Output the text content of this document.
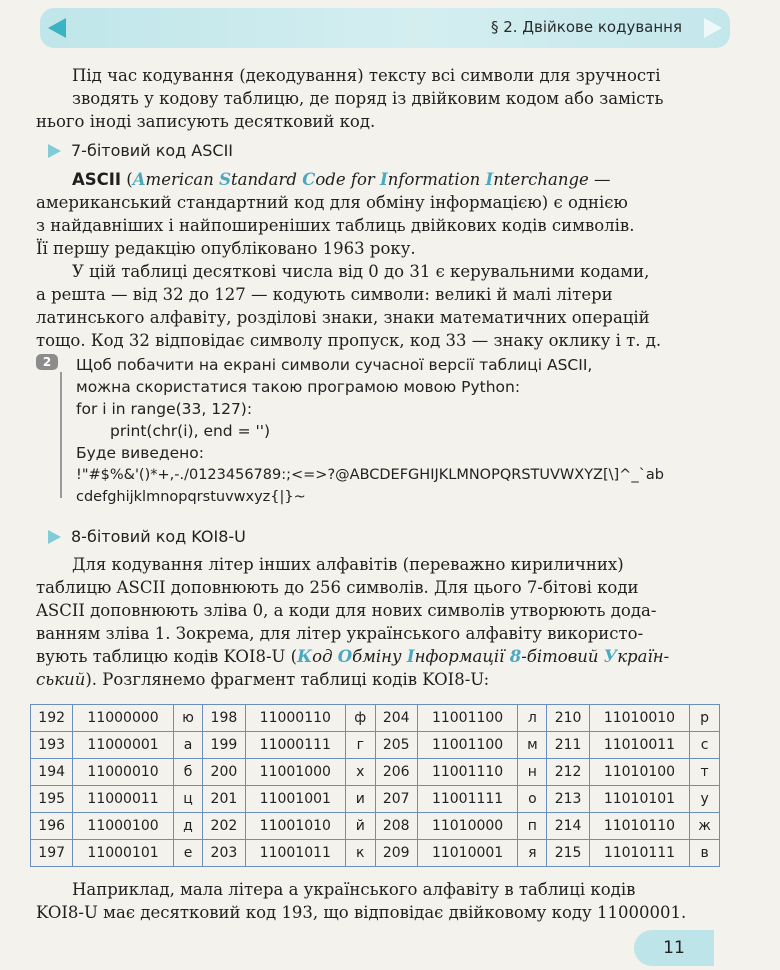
§ 2. Двійкове кодування
Під час кодування (декодування) тексту всі символи для зручності
зводять у кодову таблицю, де поряд із двійковим кодом або замість
нього іноді записують десятковий код.
7-бітовий код ASCII
ASCII (American Standard Code for Information Interchange —
американський стандартний код для обміну інформацією) є однією
з найдавніших і найпоширеніших таблиць двійкових кодів символів.
Її першу редакцію опубліковано 1963 року.
У цій таблиці десяткові числа від 0 до 31 є керувальними кодами,
а решта — від 32 до 127 — кодують символи: великі й малі літери
латинського алфавіту, розділові знаки, знаки математичних операцій
тощо. Код 32 відповідає символу пропуск, код 33 — знаку оклику і т. д.
2	Щоб побачити на екрані символи сучасної версії таблиці ASCII,
можна скористатися такою програмою мовою Python:
for i in range(33, 127):
print(chr(i), end = '')
Буде виведено:
!"#$%&'()*+,-./0123456789:;<=>?@ABCDEFGHIJKLMNOPQRSTUVWXYZ[\]^_`ab
cdefghijklmnopqrstuvwxyz{|}~
8-бітовий код KOI8-U
Для кодування літер інших алфавітів (переважно кириличних)
таблицю ASCII доповнюють до 256 символів. Для цього 7-бітові коди
ASCII доповнюють зліва 0, а коди для нових символів утворюють дода-
ванням зліва 1. Зокрема, для літер українського алфавіту використо-
вують таблицю кодів KOI8-U (Код Обміну Інформації 8-бітовий Україн-
ський). Розглянемо фрагмент таблиці кодів KOI8-U:
192	11000000	ю	198	11000110	ф	204	11001100	л	210	11010010	р
193	11000001	а	199	11000111	г	205	11001100	м	211	11010011	с
194	11000010	б	200	11001000	х	206	11001110	н	212	11010100	т
195	11000011	ц	201	11001001	и	207	11001111	о	213	11010101	у
196	11000100	д	202	11001010	й	208	11010000	п	214	11010110	ж
197	11000101	е	203	11001011	к	209	11010001	я	215	11010111	в
Наприклад, мала літера а українського алфавіту в таблиці кодів
KOI8-U має десятковий код 193, що відповідає двійковому коду 11000001.
11
